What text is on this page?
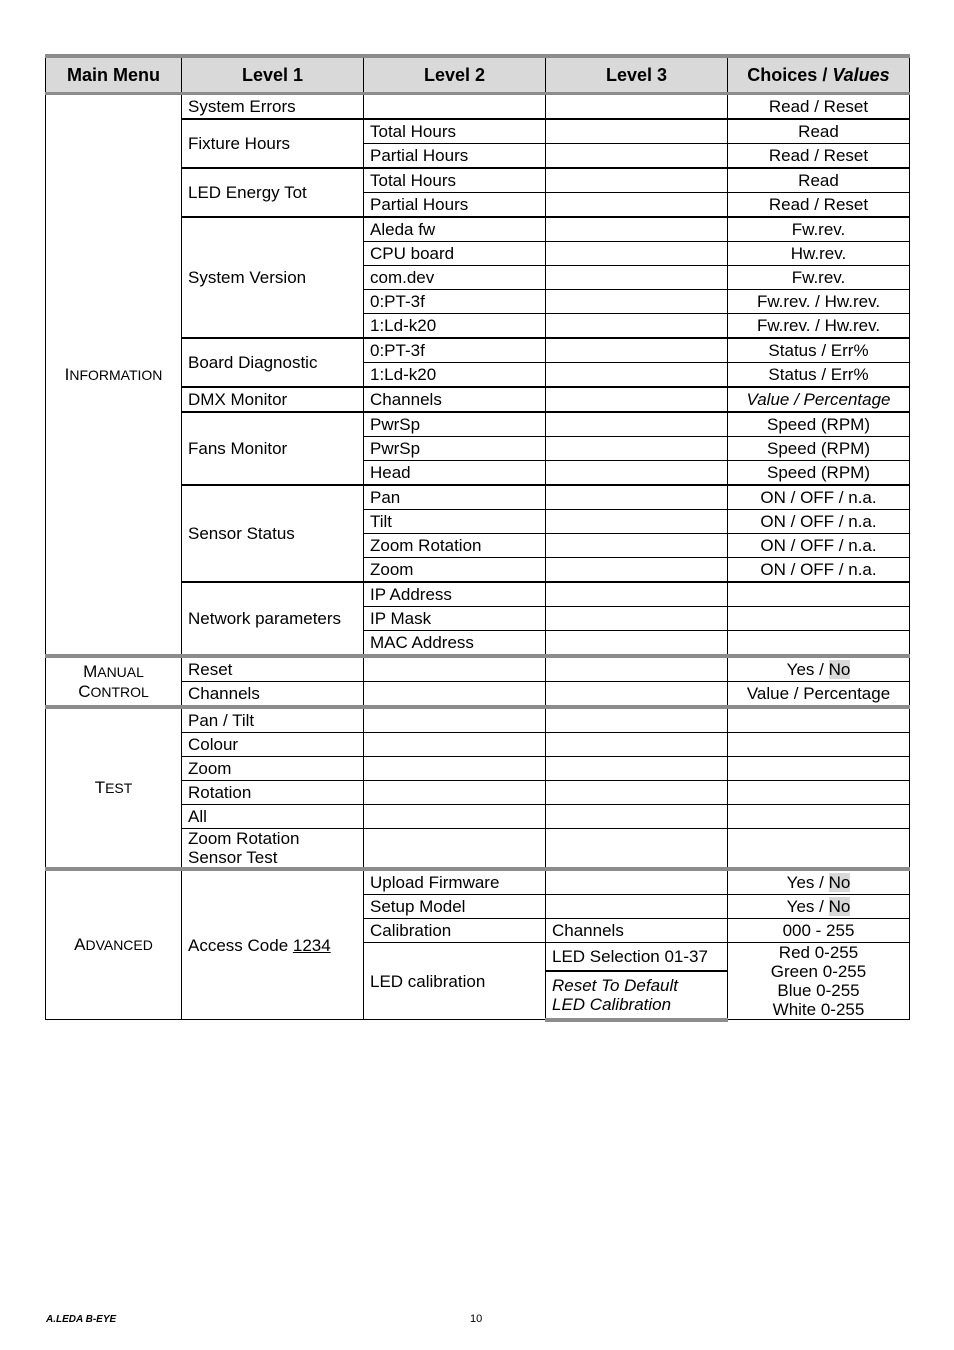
Main Menu	Level 1	Level 2	Level 3	Choices / Values
INFORMATION	System Errors			Read / Reset
	Fixture Hours	Total Hours		Read
		Partial Hours		Read / Reset
	LED Energy Tot	Total Hours		Read
		Partial Hours		Read / Reset
	System Version	Aleda fw		Fw.rev.
		CPU board		Hw.rev.
		com.dev		Fw.rev.
		0:PT-3f		Fw.rev. / Hw.rev.
		1:Ld-k20		Fw.rev. / Hw.rev.
	Board Diagnostic	0:PT-3f		Status / Err%
		1:Ld-k20		Status / Err%
	DMX Monitor	Channels		Value / Percentage
	Fans Monitor	PwrSp		Speed (RPM)
		PwrSp		Speed (RPM)
		Head		Speed (RPM)
	Sensor Status	Pan		ON / OFF / n.a.
		Tilt		ON / OFF / n.a.
		Zoom Rotation		ON / OFF / n.a.
		Zoom		ON / OFF / n.a.
	Network parameters	IP Address		
		IP Mask		
		MAC Address		
MANUAL
CONTROL	Reset			Yes / No
	Channels			Value / Percentage
TEST	Pan / Tilt			
	Colour			
	Zoom			
	Rotation			
	All			
	Zoom Rotation
Sensor Test			
ADVANCED	Access Code 1234	Upload Firmware		Yes / No
		Setup Model		Yes / No
		Calibration	Channels	000 - 255
		LED calibration	LED Selection 01-37	Red 0-255
Green 0-255
Blue 0-255
White 0-255
			Reset To Default
LED Calibration	
A.LEDA B-EYE	10
